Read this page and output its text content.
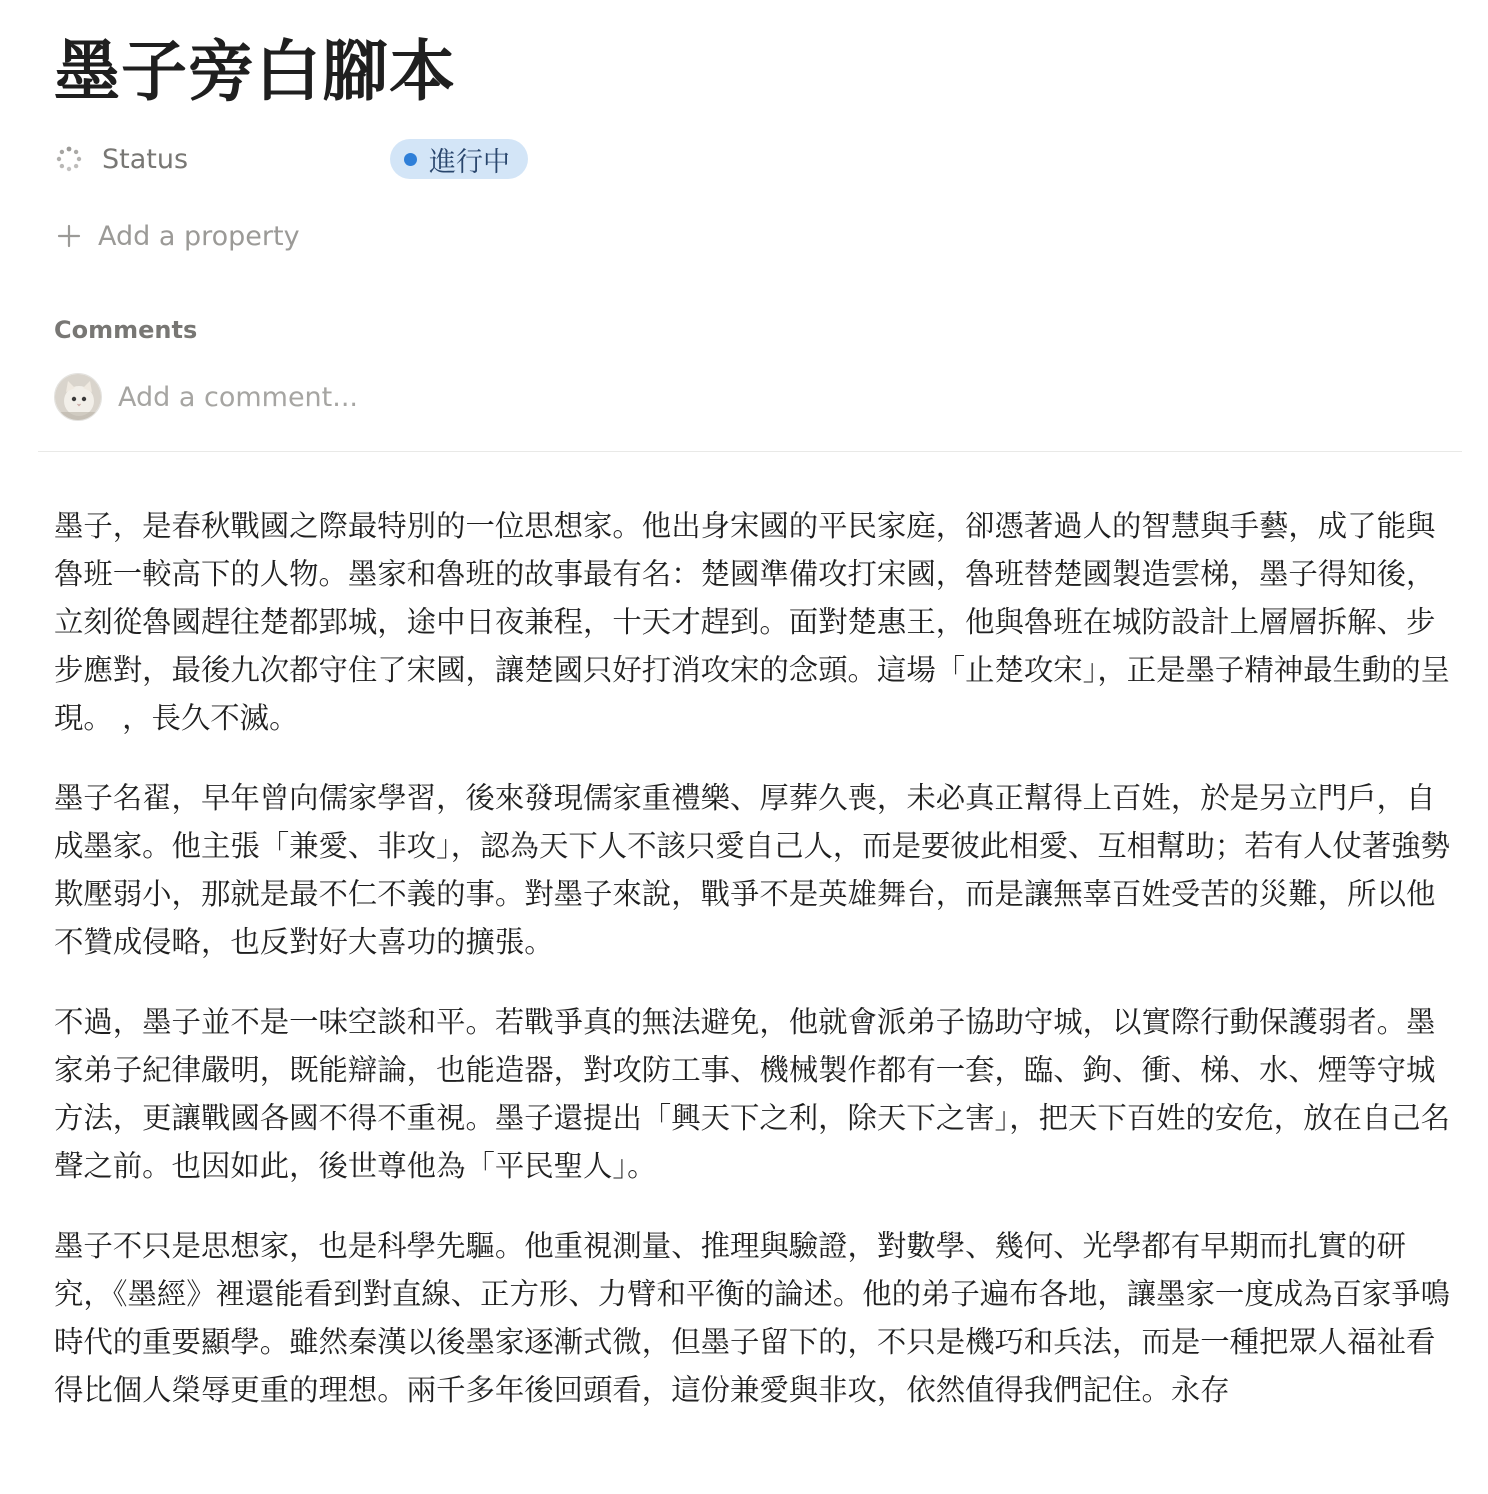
墨子旁白腳本
Status	進行中
Add a property
Comments
Add a comment...

墨子，是春秋戰國之際最特別的一位思想家。他出身宋國的平民家庭，卻憑著過人的智慧與手藝，成了能與魯班一較高下的人物。墨家和魯班的故事最有名：楚國準備攻打宋國，魯班替楚國製造雲梯，墨子得知後，立刻從魯國趕往楚都郢城，途中日夜兼程，十天才趕到。面對楚惠王，他與魯班在城防設計上層層拆解、步步應對，最後九次都守住了宋國，讓楚國只好打消攻宋的念頭。這場「止楚攻宋」，正是墨子精神最生動的呈現。 ，長久不滅。

墨子名翟，早年曾向儒家學習，後來發現儒家重禮樂、厚葬久喪，未必真正幫得上百姓，於是另立門戶，自成墨家。他主張「兼愛、非攻」，認為天下人不該只愛自己人，而是要彼此相愛、互相幫助；若有人仗著強勢欺壓弱小，那就是最不仁不義的事。對墨子來說，戰爭不是英雄舞台，而是讓無辜百姓受苦的災難，所以他不贊成侵略，也反對好大喜功的擴張。

不過，墨子並不是一味空談和平。若戰爭真的無法避免，他就會派弟子協助守城，以實際行動保護弱者。墨家弟子紀律嚴明，既能辯論，也能造器，對攻防工事、機械製作都有一套，臨、鉤、衝、梯、水、煙等守城方法，更讓戰國各國不得不重視。墨子還提出「興天下之利，除天下之害」，把天下百姓的安危，放在自己名聲之前。也因如此，後世尊他為「平民聖人」。

墨子不只是思想家，也是科學先驅。他重視測量、推理與驗證，對數學、幾何、光學都有早期而扎實的研究，《墨經》裡還能看到對直線、正方形、力臂和平衡的論述。他的弟子遍布各地，讓墨家一度成為百家爭鳴時代的重要顯學。雖然秦漢以後墨家逐漸式微，但墨子留下的，不只是機巧和兵法，而是一種把眾人福祉看得比個人榮辱更重的理想。兩千多年後回頭看，這份兼愛與非攻，依然值得我們記住。永存
